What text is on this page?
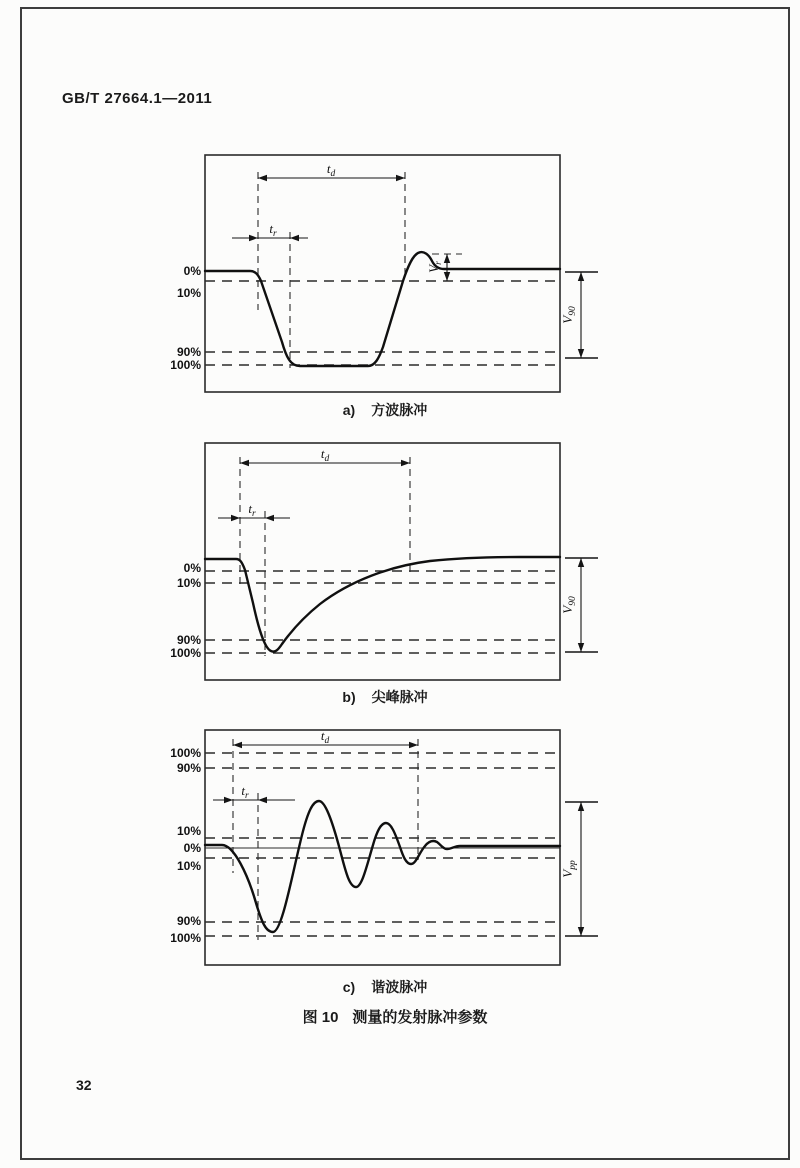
GB/T 27664.1—2011
0%
10%
90%
100%
td
tr
Vr
V90
a) 方波脉冲
0%
10%
90%
100%
td
tr
V90
b) 尖峰脉冲
100%
90%
10%
0%
10%
90%
100%
td
tr
Vpp
c) 谐波脉冲
图 10 测量的发射脉冲参数
32
